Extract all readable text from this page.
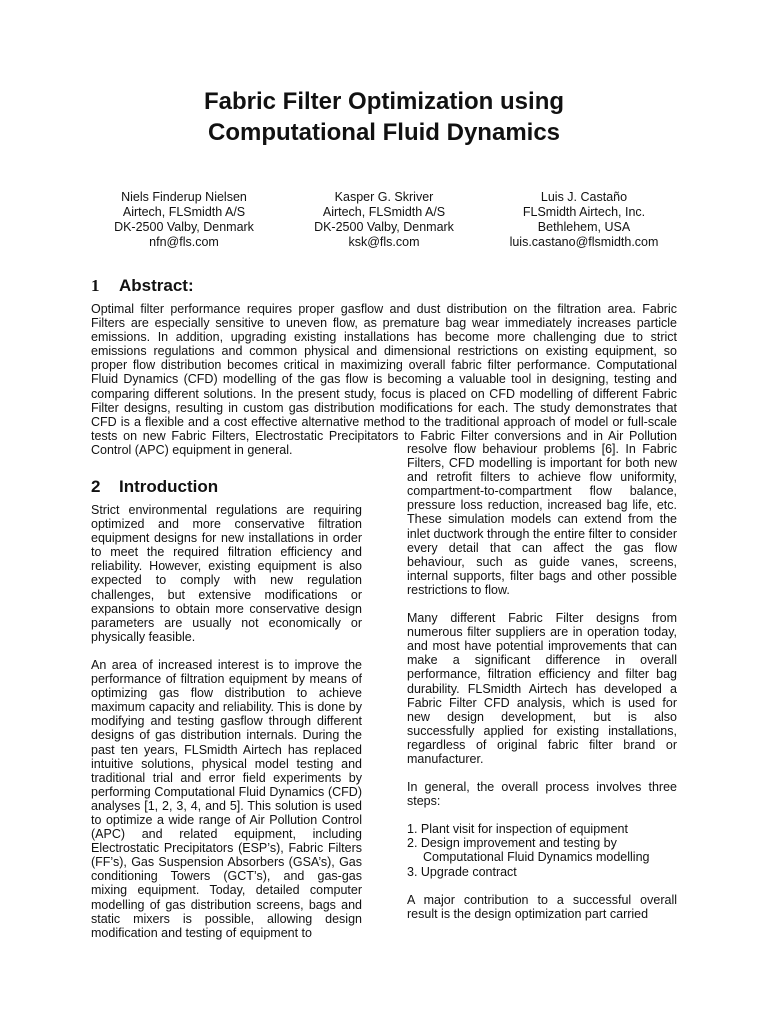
Fabric Filter Optimization using
Computational Fluid Dynamics
Niels Finderup Nielsen
Airtech, FLSmidth A/S
DK-2500 Valby, Denmark
nfn@fls.com
Kasper G. Skriver
Airtech, FLSmidth A/S
DK-2500 Valby, Denmark
ksk@fls.com
Luis J. Castaño
FLSmidth Airtech, Inc.
Bethlehem, USA
luis.castano@flsmidth.com
1 Abstract:

Optimal filter performance requires proper gasflow and dust distribution on the filtration area. Fabric Filters are especially sensitive to uneven flow, as premature bag wear immediately increases particle emissions. In addition, upgrading existing installations has become more challenging due to strict emissions regulations and common physical and dimensional restrictions on existing equipment, so proper flow distribution becomes critical in maximizing overall fabric filter performance. Computational Fluid Dynamics (CFD) modelling of the gas flow is becoming a valuable tool in designing, testing and comparing different solutions. In the present study, focus is placed on CFD modelling of different Fabric Filter designs, resulting in custom gas distribution modifications for each. The study demonstrates that CFD is a flexible and a cost effective alternative method to the traditional approach of model or full-scale tests on new Fabric Filters, Electrostatic Precipitators to Fabric Filter conversions and in Air Pollution Control (APC) equipment in general.

2 Introduction

Strict environmental regulations are requiring optimized and more conservative filtration equipment designs for new installations in order to meet the required filtration efficiency and reliability. However, existing equipment is also expected to comply with new regulation challenges, but extensive modifications or expansions to obtain more conservative design parameters are usually not economically or physically feasible.

An area of increased interest is to improve the performance of filtration equipment by means of optimizing gas flow distribution to achieve maximum capacity and reliability. This is done by modifying and testing gasflow through different designs of gas distribution internals. During the past ten years, FLSmidth Airtech has replaced intuitive solutions, physical model testing and traditional trial and error field experiments by performing Computational Fluid Dynamics (CFD) analyses [1, 2, 3, 4, and 5]. This solution is used to optimize a wide range of Air Pollution Control (APC) and related equipment, including Electrostatic Precipitators (ESP’s), Fabric Filters (FF’s), Gas Suspension Absorbers (GSA’s), Gas conditioning Towers (GCT’s), and gas-gas mixing equipment. Today, detailed computer modelling of gas distribution screens, bags and static mixers is possible, allowing design modification and testing of equipment to

resolve flow behaviour problems [6]. In Fabric Filters, CFD modelling is important for both new and retrofit filters to achieve flow uniformity, compartment-to-compartment flow balance, pressure loss reduction, increased bag life, etc. These simulation models can extend from the inlet ductwork through the entire filter to consider every detail that can affect the gas flow behaviour, such as guide vanes, screens, internal supports, filter bags and other possible restrictions to flow.

Many different Fabric Filter designs from numerous filter suppliers are in operation today, and most have potential improvements that can make a significant difference in overall performance, filtration efficiency and filter bag durability. FLSmidth Airtech has developed a Fabric Filter CFD analysis, which is used for new design development, but is also successfully applied for existing installations, regardless of original fabric filter brand or manufacturer.

In general, the overall process involves three steps:

1. Plant visit for inspection of equipment
2. Design improvement and testing by Computational Fluid Dynamics modelling
3. Upgrade contract

A major contribution to a successful overall result is the design optimization part carried
